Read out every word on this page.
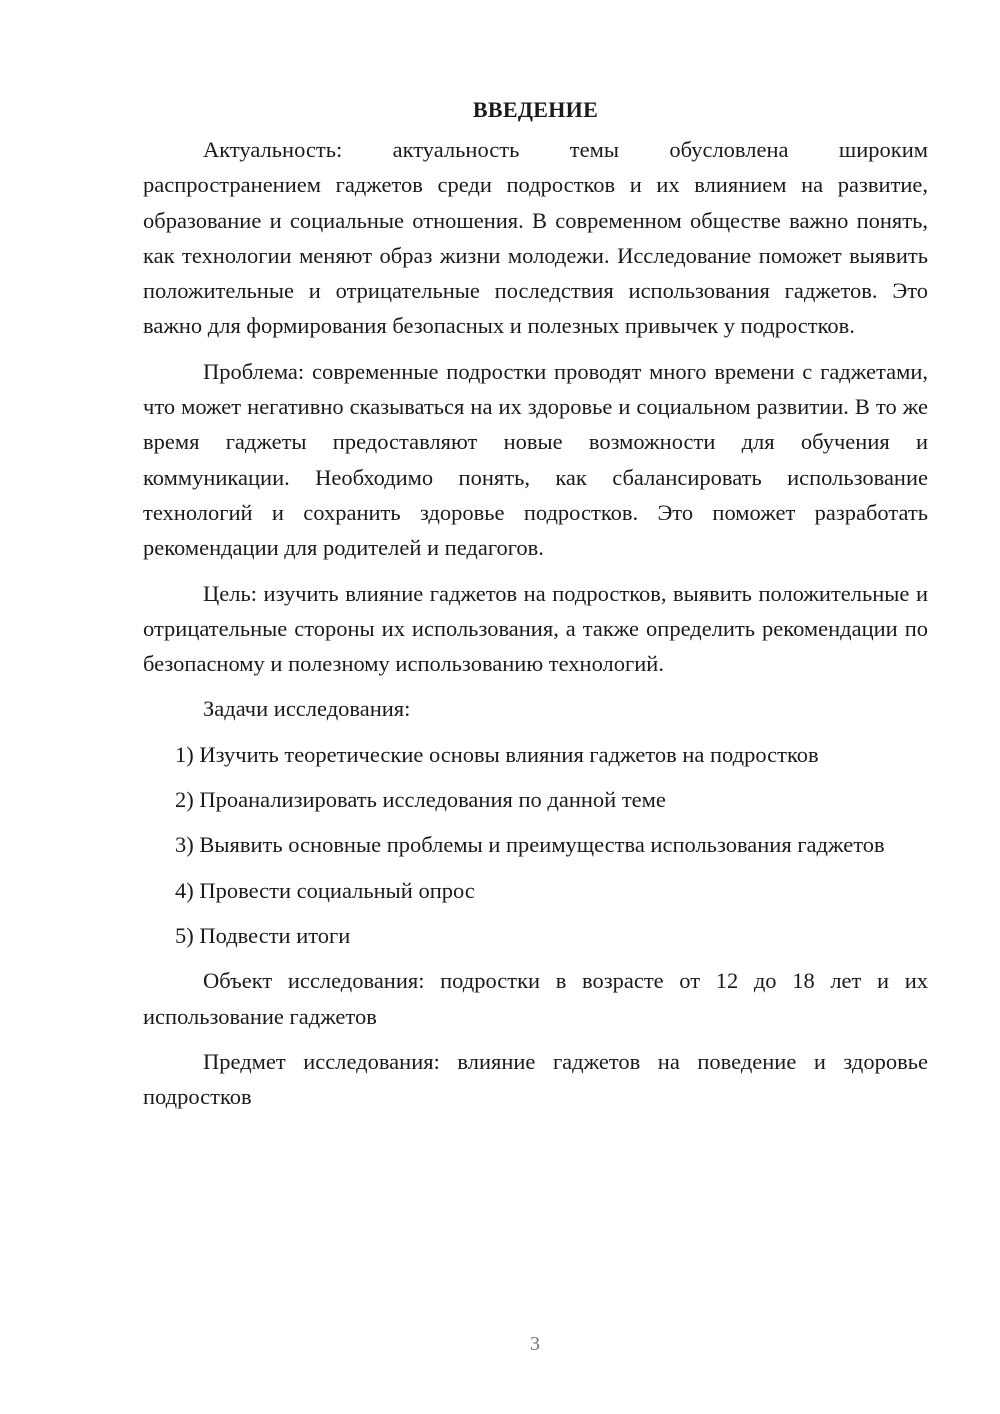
ВВЕДЕНИЕ

Актуальность: актуальность темы обусловлена широким распространением гаджетов среди подростков и их влиянием на развитие, образование и социальные отношения. В современном обществе важно понять, как технологии меняют образ жизни молодежи. Исследование поможет выявить положительные и отрицательные последствия использования гаджетов. Это важно для формирования безопасных и полезных привычек у подростков.

Проблема: современные подростки проводят много времени с гаджетами, что может негативно сказываться на их здоровье и социальном развитии. В то же время гаджеты предоставляют новые возможности для обучения и коммуникации. Необходимо понять, как сбалансировать использование технологий и сохранить здоровье подростков. Это поможет разработать рекомендации для родителей и педагогов.

Цель: изучить влияние гаджетов на подростков, выявить положительные и отрицательные стороны их использования, а также определить рекомендации по безопасному и полезному использованию технологий.

Задачи исследования:

1) Изучить теоретические основы влияния гаджетов на подростков

2) Проанализировать исследования по данной теме

3) Выявить основные проблемы и преимущества использования гаджетов

4) Провести социальный опрос

5) Подвести итоги

Объект исследования: подростки в возрасте от 12 до 18 лет и их использование гаджетов

Предмет исследования: влияние гаджетов на поведение и здоровье подростков

3
